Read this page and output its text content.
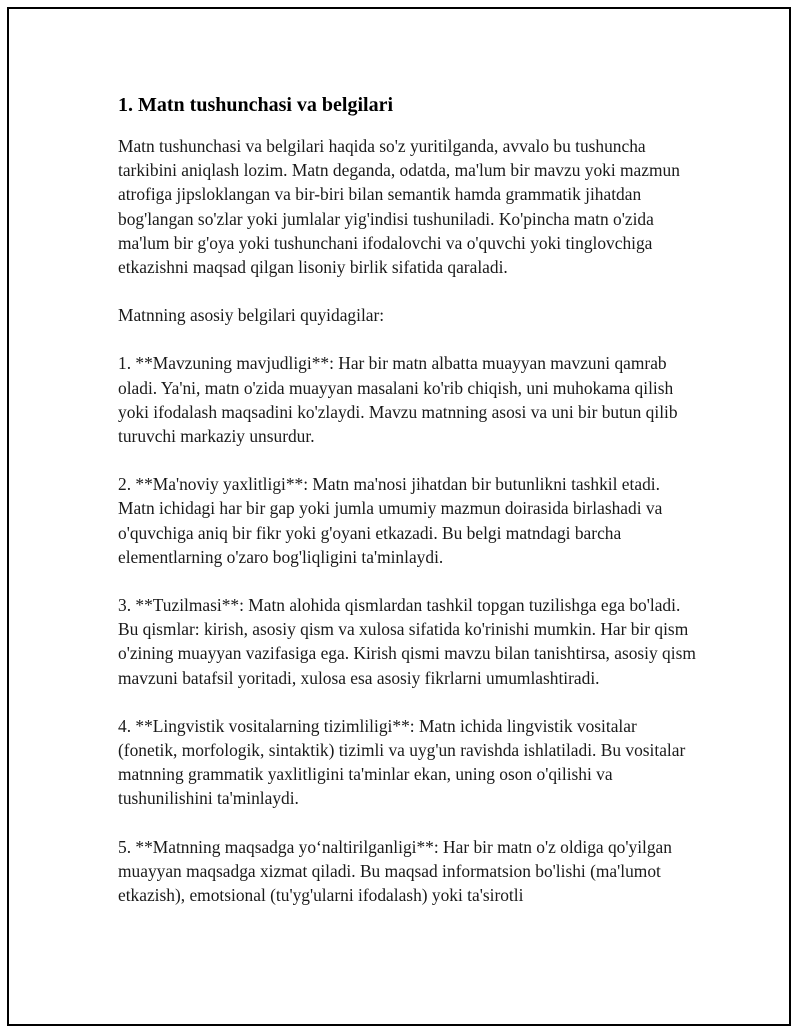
1. Matn tushunchasi va belgilari

Matn tushunchasi va belgilari haqida so'z yuritilganda, avvalo bu tushuncha tarkibini aniqlash lozim. Matn deganda, odatda, ma'lum bir mavzu yoki mazmun atrofiga jipsloklangan va bir-biri bilan semantik hamda grammatik jihatdan bog'langan so'zlar yoki jumlalar yig'indisi tushuniladi. Ko'pincha matn o'zida ma'lum bir g'oya yoki tushunchani ifodalovchi va o'quvchi yoki tinglovchiga etkazishni maqsad qilgan lisoniy birlik sifatida qaraladi.

Matnning asosiy belgilari quyidagilar:

1. **Mavzuning mavjudligi**: Har bir matn albatta muayyan mavzuni qamrab oladi. Ya'ni, matn o'zida muayyan masalani ko'rib chiqish, uni muhokama qilish yoki ifodalash maqsadini ko'zlaydi. Mavzu matnning asosi va uni bir butun qilib turuvchi markaziy unsurdur.

2. **Ma'noviy yaxlitligi**: Matn ma'nosi jihatdan bir butunlikni tashkil etadi. Matn ichidagi har bir gap yoki jumla umumiy mazmun doirasida birlashadi va o'quvchiga aniq bir fikr yoki g'oyani etkazadi. Bu belgi matndagi barcha elementlarning o'zaro bog'liqligini ta'minlaydi.

3. **Tuzilmasi**: Matn alohida qismlardan tashkil topgan tuzilishga ega bo'ladi. Bu qismlar: kirish, asosiy qism va xulosa sifatida ko'rinishi mumkin. Har bir qism o'zining muayyan vazifasiga ega. Kirish qismi mavzu bilan tanishtirsa, asosiy qism mavzuni batafsil yoritadi, xulosa esa asosiy fikrlarni umumlashtiradi.

4. **Lingvistik vositalarning tizimliligi**: Matn ichida lingvistik vositalar (fonetik, morfologik, sintaktik) tizimli va uyg'un ravishda ishlatiladi. Bu vositalar matnning grammatik yaxlitligini ta'minlar ekan, uning oson o'qilishi va tushunilishini ta'minlaydi.

5. **Matnning maqsadga yo‘naltirilganligi**: Har bir matn o'z oldiga qo'yilgan muayyan maqsadga xizmat qiladi. Bu maqsad informatsion bo'lishi (ma'lumot etkazish), emotsional (tu'yg'ularni ifodalash) yoki ta'sirotli
